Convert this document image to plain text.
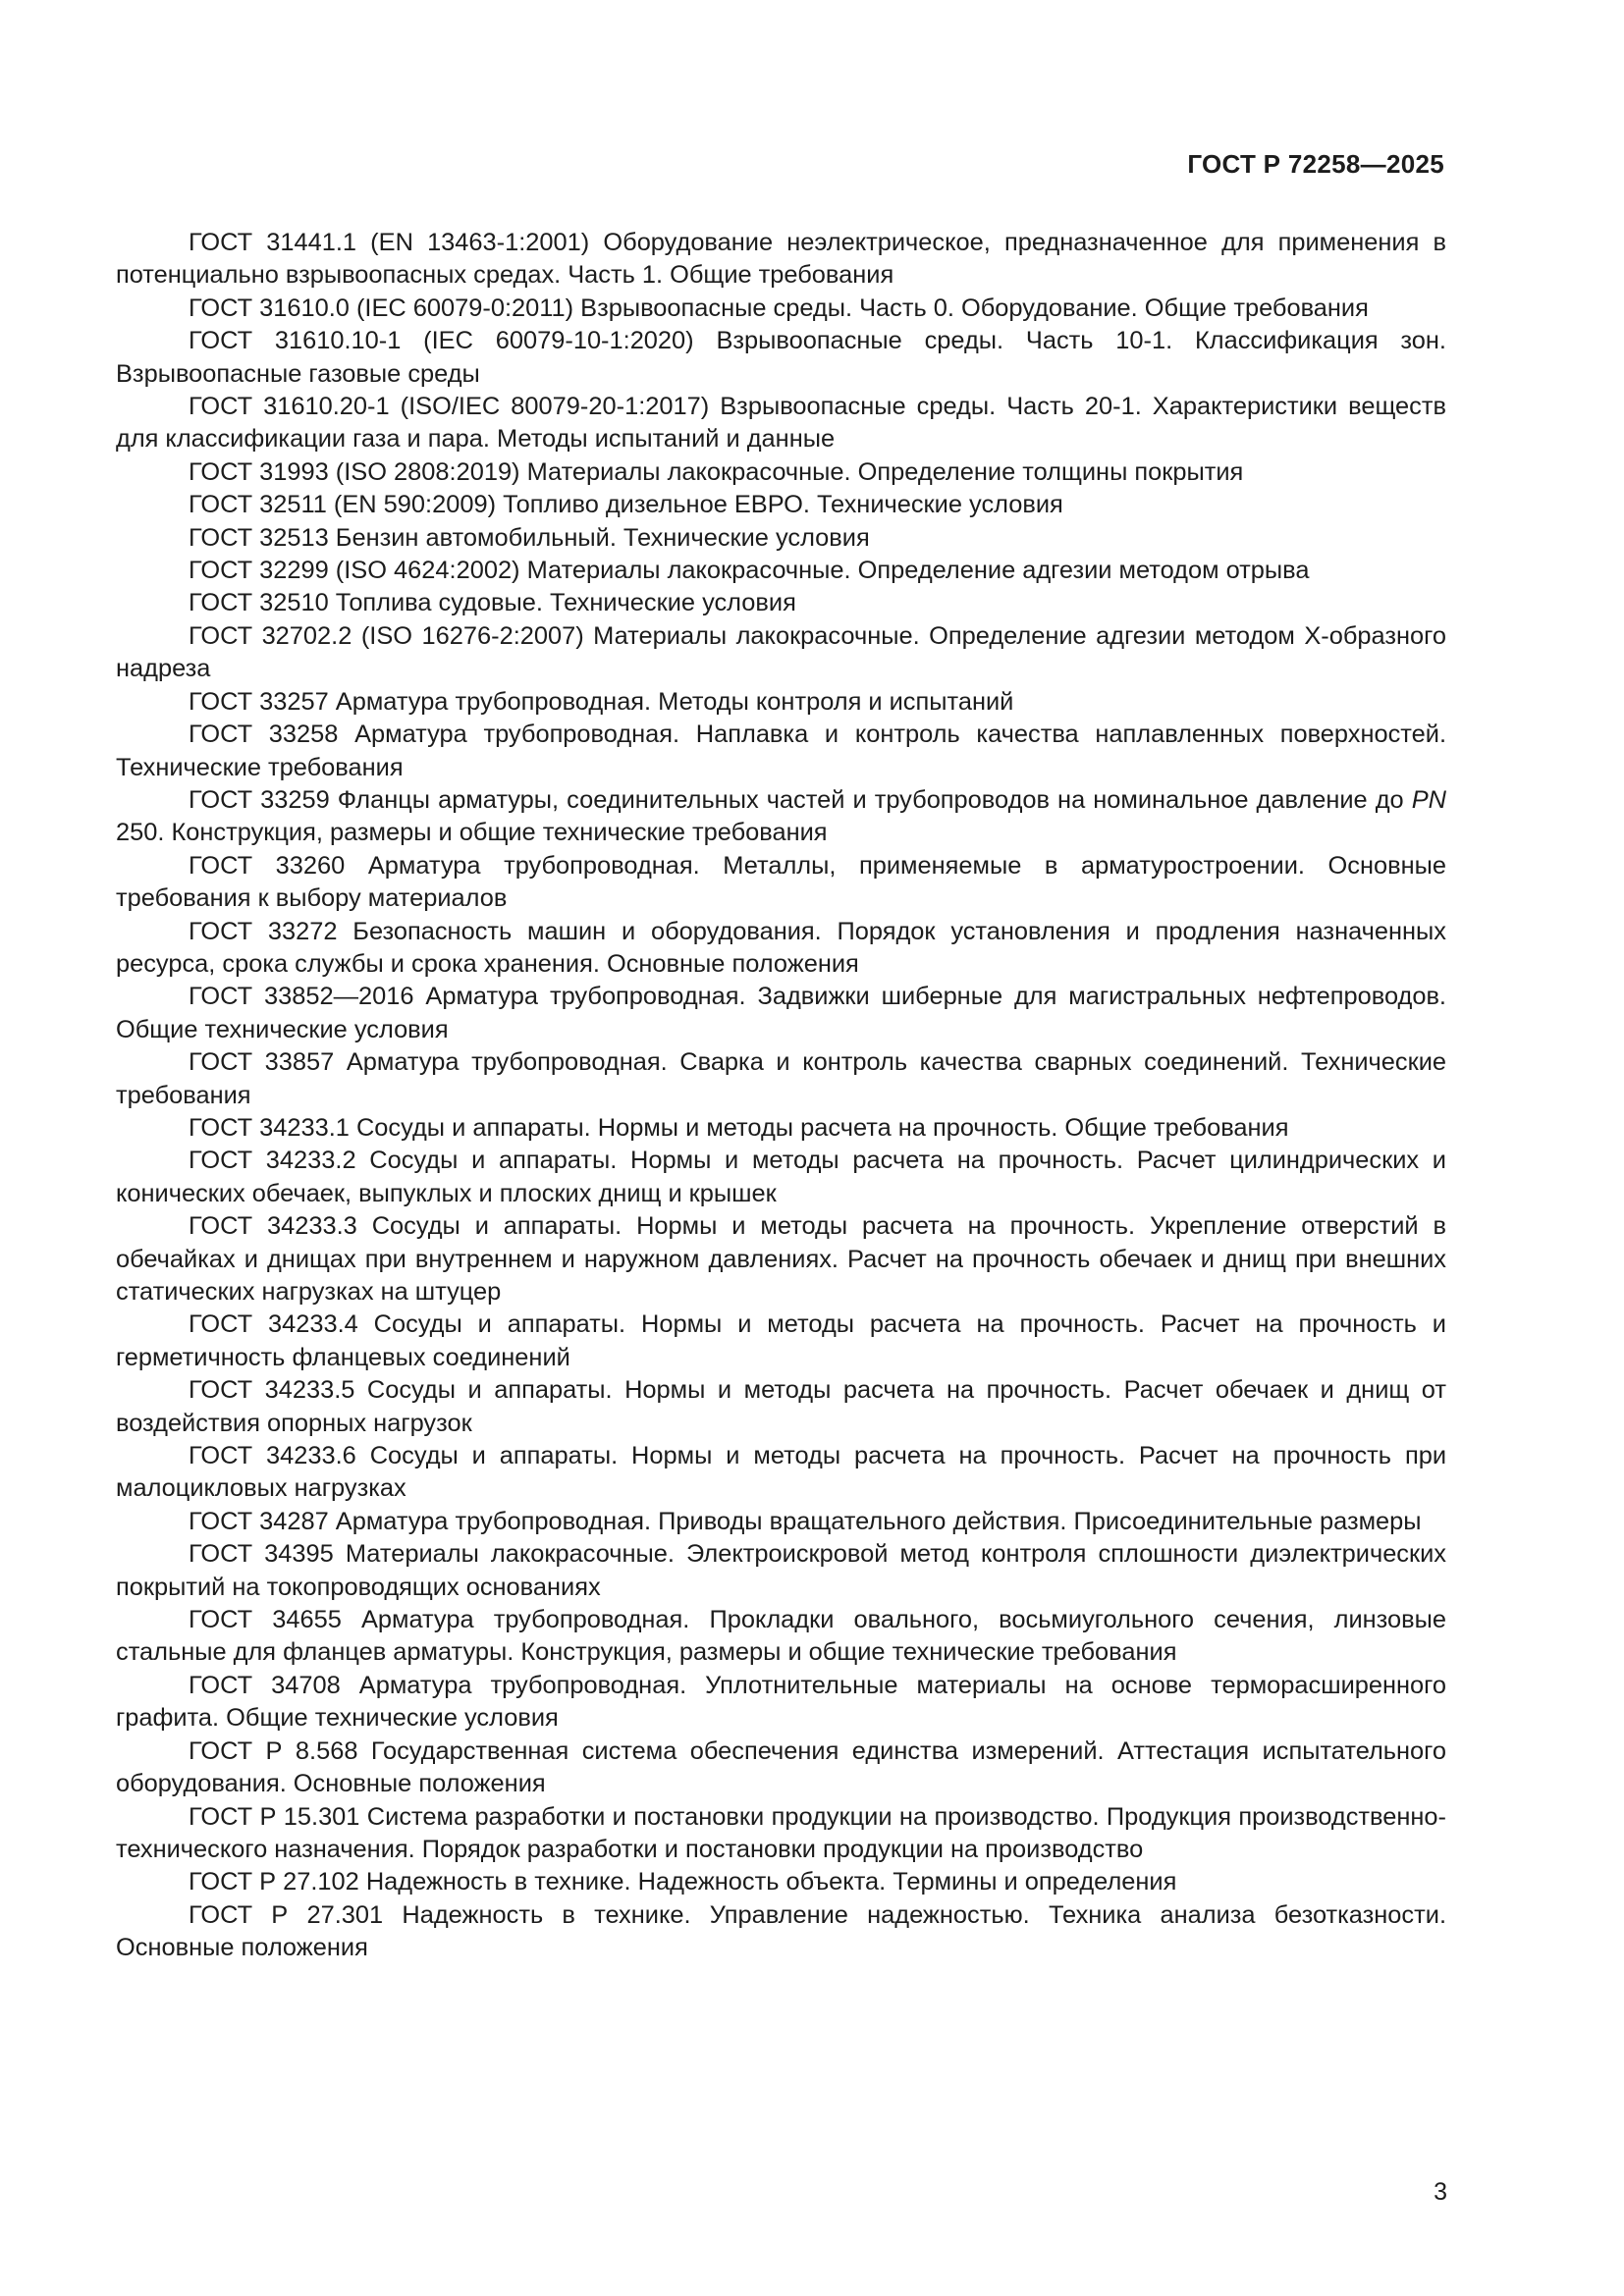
ГОСТ Р 72258—2025

ГОСТ 31441.1 (EN 13463-1:2001) Оборудование неэлектрическое, предназначенное для применения в потенциально взрывоопасных средах. Часть 1. Общие требования

ГОСТ 31610.0 (IEC 60079-0:2011) Взрывоопасные среды. Часть 0. Оборудование. Общие требования

ГОСТ 31610.10-1 (IEC 60079-10-1:2020) Взрывоопасные среды. Часть 10-1. Классификация зон. Взрывоопасные газовые среды

ГОСТ 31610.20-1 (ISO/IEC 80079-20-1:2017) Взрывоопасные среды. Часть 20-1. Характеристики веществ для классификации газа и пара. Методы испытаний и данные

ГОСТ 31993 (ISO 2808:2019) Материалы лакокрасочные. Определение толщины покрытия

ГОСТ 32511 (EN 590:2009) Топливо дизельное ЕВРО. Технические условия

ГОСТ 32513 Бензин автомобильный. Технические условия

ГОСТ 32299 (ISO 4624:2002) Материалы лакокрасочные. Определение адгезии методом отрыва

ГОСТ 32510 Топлива судовые. Технические условия

ГОСТ 32702.2 (ISO 16276-2:2007) Материалы лакокрасочные. Определение адгезии методом Х-образного надреза

ГОСТ 33257 Арматура трубопроводная. Методы контроля и испытаний

ГОСТ 33258 Арматура трубопроводная. Наплавка и контроль качества наплавленных поверхностей. Технические требования

ГОСТ 33259 Фланцы арматуры, соединительных частей и трубопроводов на номинальное давление до PN 250. Конструкция, размеры и общие технические требования

ГОСТ 33260 Арматура трубопроводная. Металлы, применяемые в арматуростроении. Основные требования к выбору материалов

ГОСТ 33272 Безопасность машин и оборудования. Порядок установления и продления назначенных ресурса, срока службы и срока хранения. Основные положения

ГОСТ 33852—2016 Арматура трубопроводная. Задвижки шиберные для магистральных нефтепроводов. Общие технические условия

ГОСТ 33857 Арматура трубопроводная. Сварка и контроль качества сварных соединений. Технические требования

ГОСТ 34233.1 Сосуды и аппараты. Нормы и методы расчета на прочность. Общие требования

ГОСТ 34233.2 Сосуды и аппараты. Нормы и методы расчета на прочность. Расчет цилиндрических и конических обечаек, выпуклых и плоских днищ и крышек

ГОСТ 34233.3 Сосуды и аппараты. Нормы и методы расчета на прочность. Укрепление отверстий в обечайках и днищах при внутреннем и наружном давлениях. Расчет на прочность обечаек и днищ при внешних статических нагрузках на штуцер

ГОСТ 34233.4 Сосуды и аппараты. Нормы и методы расчета на прочность. Расчет на прочность и герметичность фланцевых соединений

ГОСТ 34233.5 Сосуды и аппараты. Нормы и методы расчета на прочность. Расчет обечаек и днищ от воздействия опорных нагрузок

ГОСТ 34233.6 Сосуды и аппараты. Нормы и методы расчета на прочность. Расчет на прочность при малоцикловых нагрузках

ГОСТ 34287 Арматура трубопроводная. Приводы вращательного действия. Присоединительные размеры

ГОСТ 34395 Материалы лакокрасочные. Электроискровой метод контроля сплошности диэлектрических покрытий на токопроводящих основаниях

ГОСТ 34655 Арматура трубопроводная. Прокладки овального, восьмиугольного сечения, линзовые стальные для фланцев арматуры. Конструкция, размеры и общие технические требования

ГОСТ 34708 Арматура трубопроводная. Уплотнительные материалы на основе терморасширенного графита. Общие технические условия

ГОСТ Р 8.568 Государственная система обеспечения единства измерений. Аттестация испытательного оборудования. Основные положения

ГОСТ Р 15.301 Система разработки и постановки продукции на производство. Продукция производственно-технического назначения. Порядок разработки и постановки продукции на производство

ГОСТ Р 27.102 Надежность в технике. Надежность объекта. Термины и определения

ГОСТ Р 27.301 Надежность в технике. Управление надежностью. Техника анализа безотказности. Основные положения

3
